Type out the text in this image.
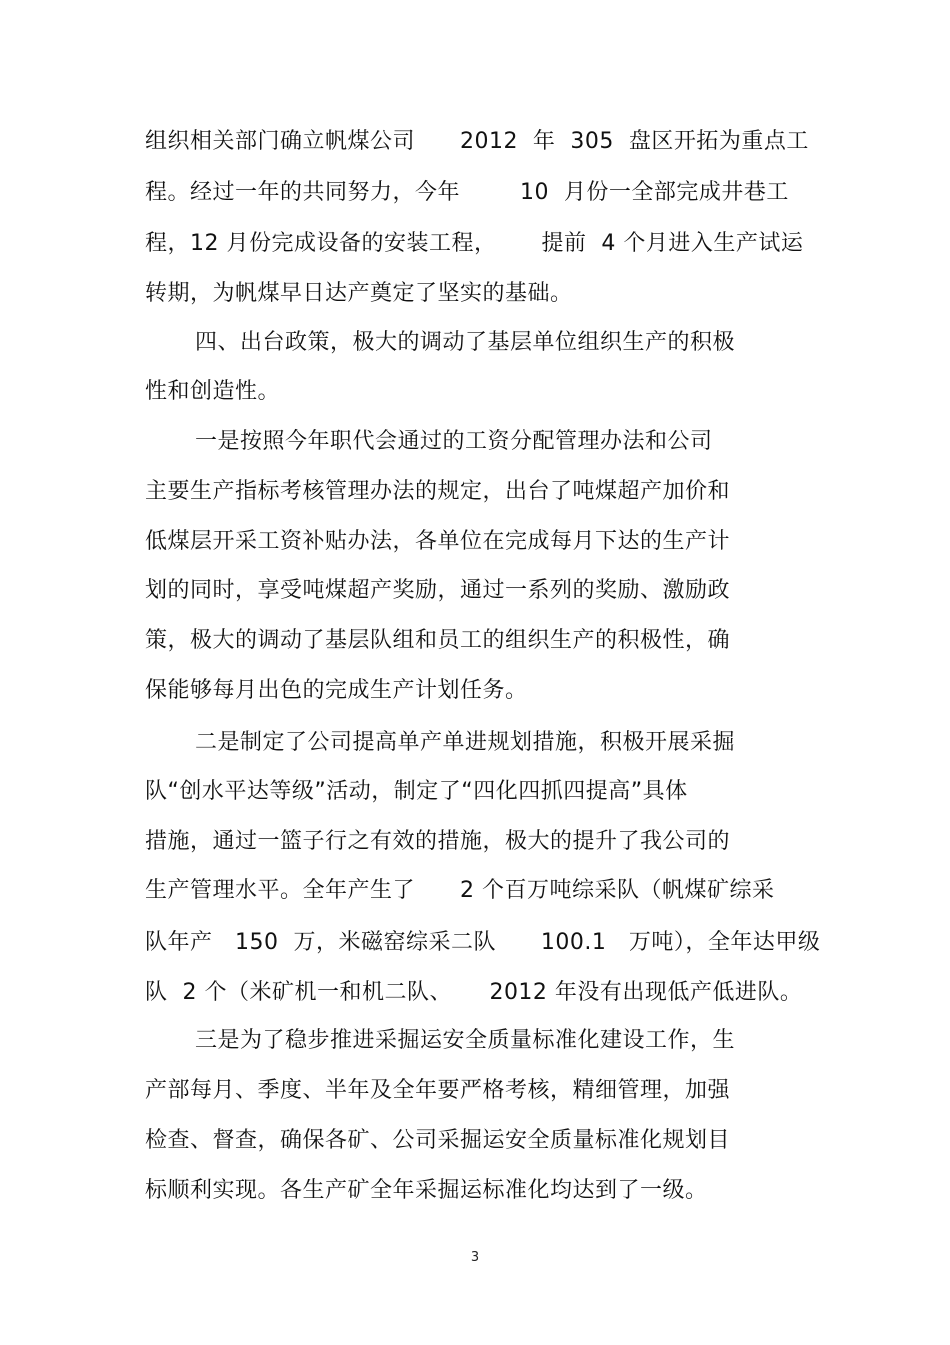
组织相关部门确立帆煤公司      2012  年  305  盘区开拓为重点工
程。经过一年的共同努力，今年        10  月份一全部完成井巷工
程，12 月份完成设备的安装工程，      提前  4 个月进入生产试运
转期，为帆煤早日达产奠定了坚实的基础。
四、出台政策，极大的调动了基层单位组织生产的积极
性和创造性。
一是按照今年职代会通过的工资分配管理办法和公司
主要生产指标考核管理办法的规定，出台了吨煤超产加价和
低煤层开采工资补贴办法，各单位在完成每月下达的生产计
划的同时，享受吨煤超产奖励，通过一系列的奖励、激励政
策，极大的调动了基层队组和员工的组织生产的积极性，确
保能够每月出色的完成生产计划任务。
二是制定了公司提高单产单进规划措施，积极开展采掘
队“创水平达等级”活动，制定了“四化四抓四提高”具体
措施，通过一篮子行之有效的措施，极大的提升了我公司的
生产管理水平。全年产生了      2 个百万吨综采队（帆煤矿综采
队年产   150  万，米磁窑综采二队      100.1   万吨），全年达甲级
队  2 个（米矿机一和机二队、     2012 年没有出现低产低进队。
三是为了稳步推进采掘运安全质量标准化建设工作，生
产部每月、季度、半年及全年要严格考核，精细管理，加强
检查、督查，确保各矿、公司采掘运安全质量标准化规划目
标顺利实现。各生产矿全年采掘运标准化均达到了一级。
3
